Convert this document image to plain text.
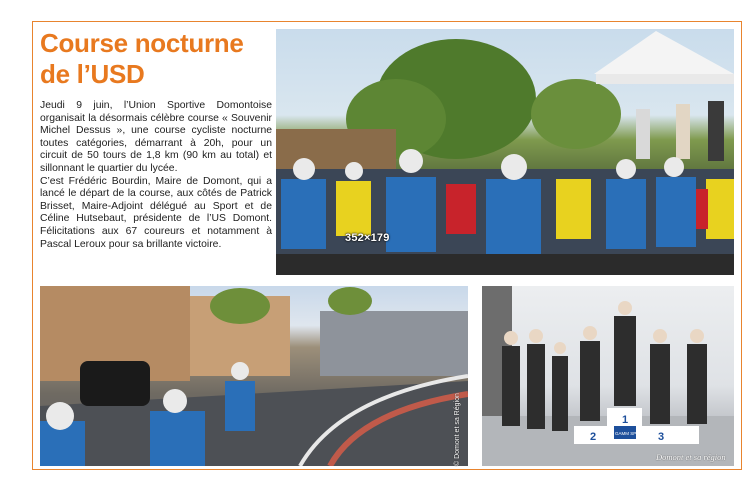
Course nocturne
de l’USD

Jeudi 9 juin, l’Union Sportive Domontoise organisait la désormais célèbre course « Souvenir Michel Dessus », une course cycliste nocturne toutes catégories, démarrant à 20h, pour un circuit de 50 tours de 1,8 km (90 km au total) et sillonnant le quartier du lycée.

C’est Frédéric Bourdin, Maire de Domont, qui a lancé le départ de la course, aux côtés de Patrick Brisset, Maire-Adjoint délégué au Sport et de Céline Hutsebaut, présidente de l’US Domont. Félicitations aux 67 coureurs et notamment à Pascal Leroux pour sa brillante victoire.

352×179
© Domont et sa Région	2
1
3
GAMM SPORT
Domont et sa région
